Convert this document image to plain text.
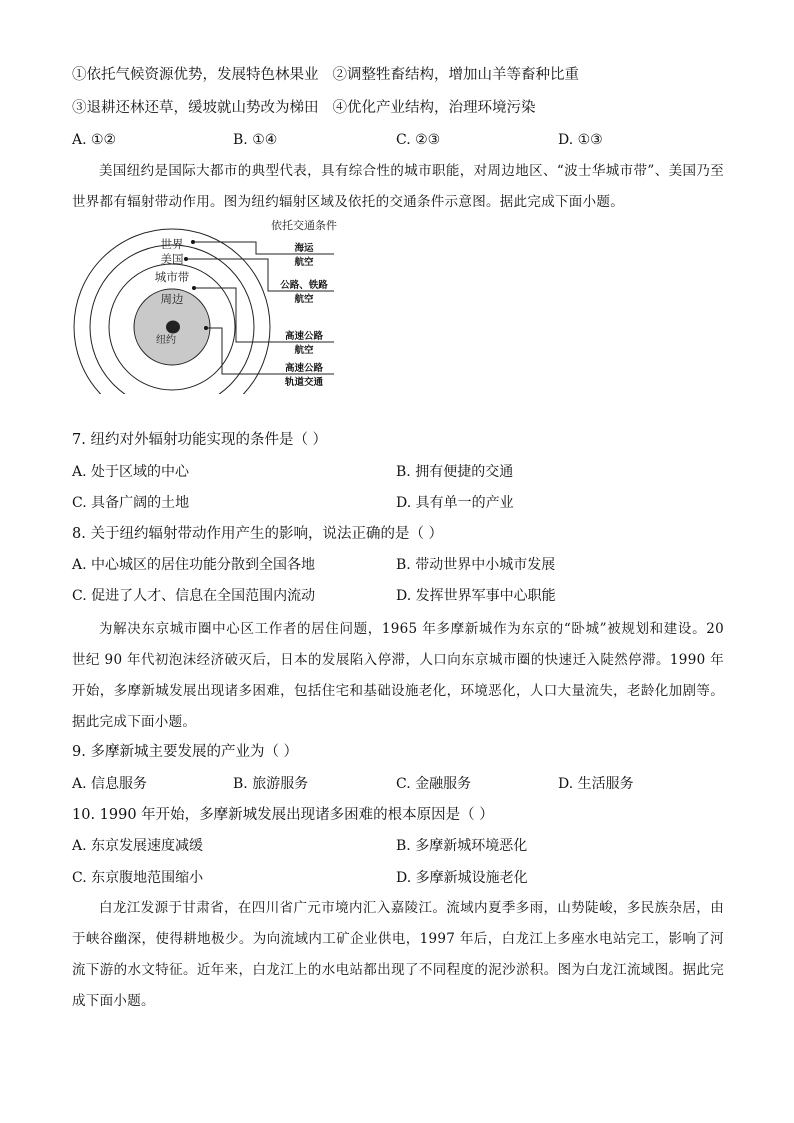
①依托气候资源优势，发展特色林果业 ②调整牲畜结构，增加山羊等畜种比重
③退耕还林还草，缓坡就山势改为梯田 ④优化产业结构，治理环境污染
A. ①②	B. ①④	C. ②③	D. ①③
美国纽约是国际大都市的典型代表，具有综合性的城市职能，对周边地区、“波士华城市带”、美国乃至世界都有辐射带动作用。图为纽约辐射区域及依托的交通条件示意图。据此完成下面小题。
依托交通条件
世界
美国
城市带
周边
纽约
海运
航空
公路、铁路
航空
高速公路
航空
高速公路
轨道交通
7. 纽约对外辐射功能实现的条件是（ ）
A. 处于区域的中心	B. 拥有便捷的交通
C. 具备广阔的土地	D. 具有单一的产业
8. 关于纽约辐射带动作用产生的影响，说法正确的是（ ）
A. 中心城区的居住功能分散到全国各地	B. 带动世界中小城市发展
C. 促进了人才、信息在全国范围内流动	D. 发挥世界军事中心职能
为解决东京城市圈中心区工作者的居住问题，1965 年多摩新城作为东京的“卧城”被规划和建设。20 世纪 90 年代初泡沫经济破灭后，日本的发展陷入停滞，人口向东京城市圈的快速迁入陡然停滞。1990 年开始，多摩新城发展出现诸多困难，包括住宅和基础设施老化，环境恶化，人口大量流失，老龄化加剧等。据此完成下面小题。
9. 多摩新城主要发展的产业为（ ）
A. 信息服务	B. 旅游服务	C. 金融服务	D. 生活服务
10. 1990 年开始，多摩新城发展出现诸多困难的根本原因是（ ）
A. 东京发展速度减缓	B. 多摩新城环境恶化
C. 东京腹地范围缩小	D. 多摩新城设施老化
白龙江发源于甘肃省，在四川省广元市境内汇入嘉陵江。流域内夏季多雨，山势陡峻，多民族杂居，由于峡谷幽深，使得耕地极少。为向流域内工矿企业供电，1997 年后，白龙江上多座水电站完工，影响了河流下游的水文特征。近年来，白龙江上的水电站都出现了不同程度的泥沙淤积。图为白龙江流域图。据此完成下面小题。
